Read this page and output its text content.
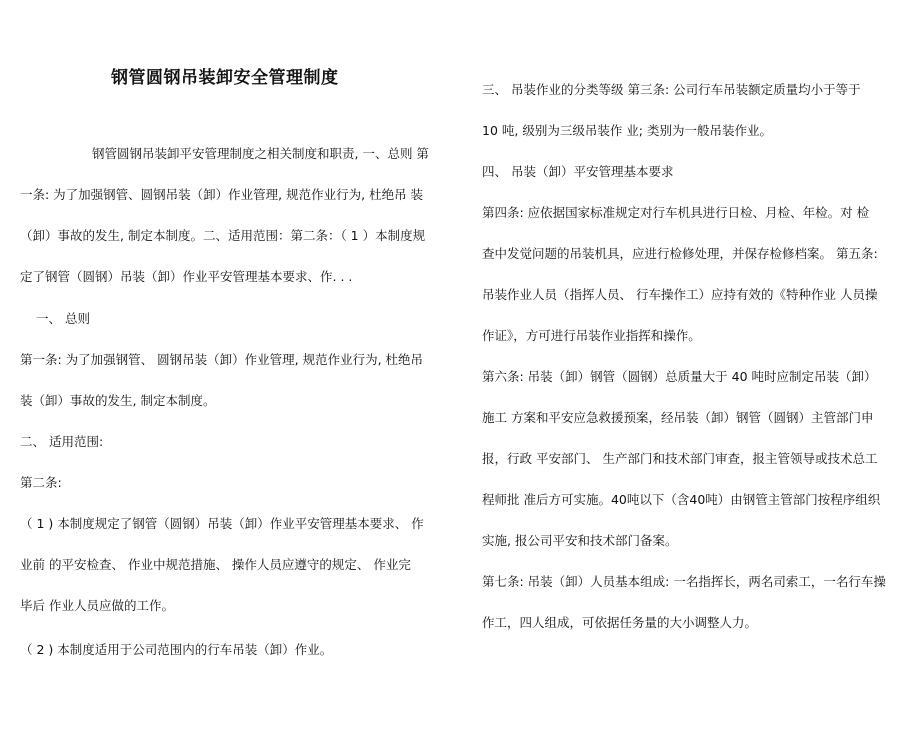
钢管圆钢吊装卸安全管理制度
钢管圆钢吊装卸平安管理制度之相关制度和职责, 一、总则 第
一条: 为了加强钢管、圆钢吊装（卸）作业管理, 规范作业行为, 杜绝吊 装
（卸）事故的发生, 制定本制度。二、适用范围：第二条：（ 1 ）本制度规
定了钢管（圆钢）吊装（卸）作业平安管理基本要求、作. . .
一、 总则
第一条: 为了加强钢管、 圆钢吊装（卸）作业管理, 规范作业行为, 杜绝吊
装（卸）事故的发生, 制定本制度。
二、 适用范围:
第二条:
（ 1 ) 本制度规定了钢管（圆钢）吊装（卸）作业平安管理基本要求、 作
业前 的平安检查、 作业中规范措施、 操作人员应遵守的规定、 作业完
毕后 作业人员应做的工作。
（ 2 ) 本制度适用于公司范围内的行车吊装（卸）作业。
三、 吊装作业的分类等级 第三条: 公司行车吊装额定质量均小于等于
10 吨, 级别为三级吊装作 业; 类别为一般吊装作业。
四、 吊装（卸）平安管理基本要求
第四条: 应依据国家标准规定对行车机具进行日检、月检、年检。对 检
查中发觉问题的吊装机具，应进行检修处理，并保存检修档案。 第五条:
吊装作业人员（指挥人员、 行车操作工）应持有效的《特种作业 人员操
作证》，方可进行吊装作业指挥和操作。
第六条: 吊装（卸）钢管（圆钢）总质量大于 40 吨时应制定吊装（卸）
施工 方案和平安应急救援预案，经吊装（卸）钢管（圆钢）主管部门申
报，行政 平安部门、 生产部门和技术部门审查，报主管领导或技术总工
程师批 准后方可实施。40吨以下（含40吨）由钢管主管部门按程序组织
实施, 报公司平安和技术部门备案。
第七条: 吊装（卸）人员基本组成: 一名指挥长，两名司索工，一名行车操
作工，四人组成，可依据任务量的大小调整人力。
